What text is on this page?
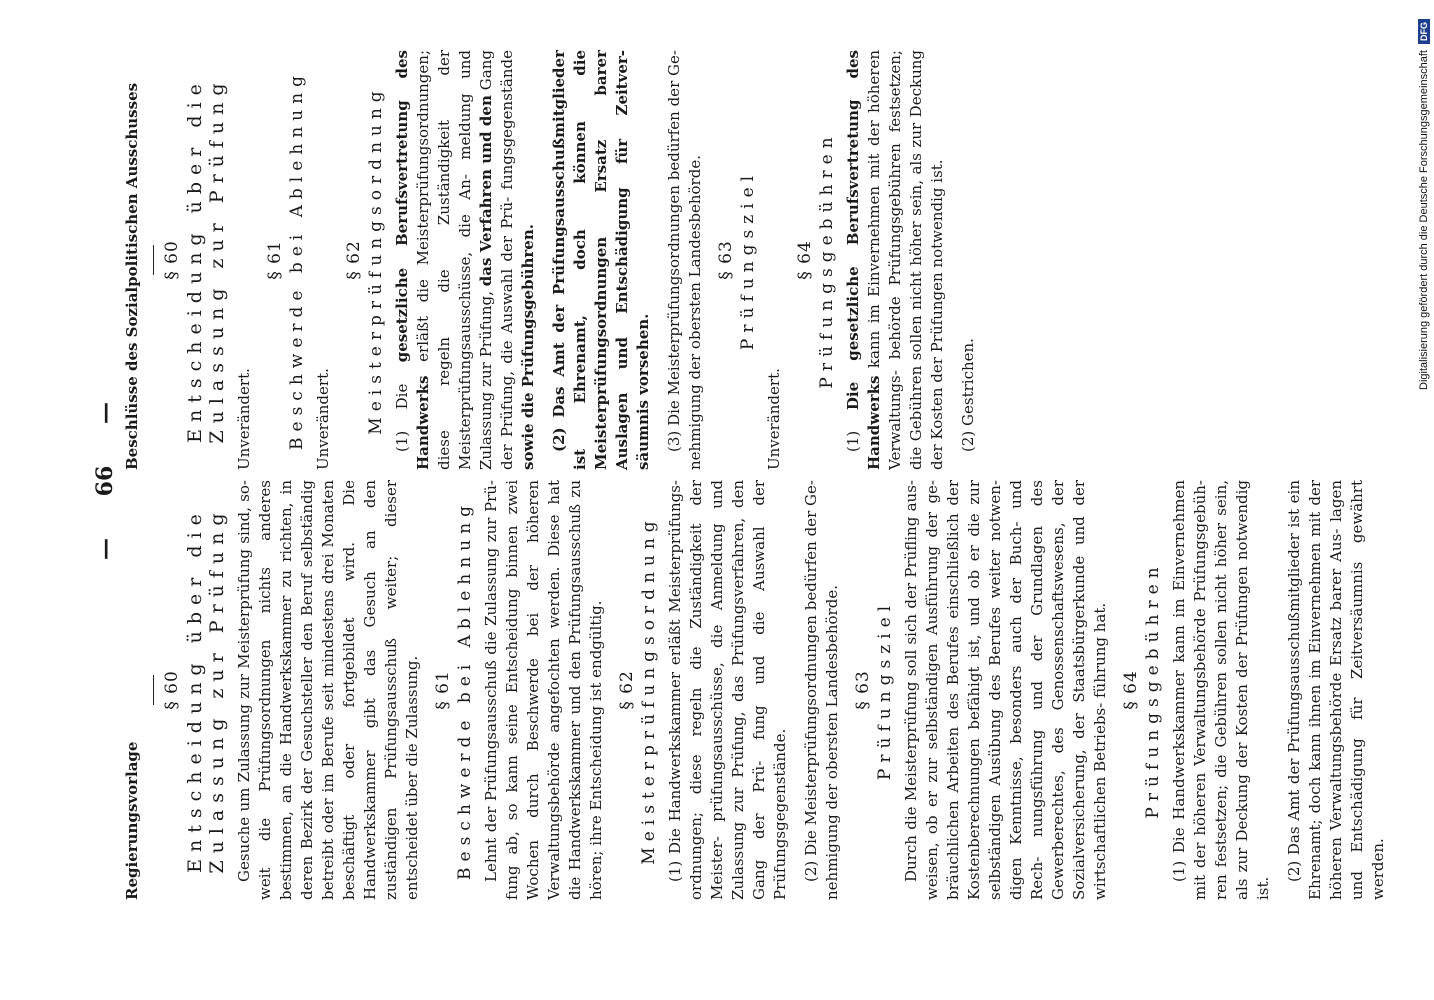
— 66 —

Regierungsvorlage

§ 60 Entscheidung über die Zulassung zur Prüfung Gesuche um Zulassung zur Meisterprüfung sind, so- weit die Prüfungsordnungen nichts anderes bestimmen, an die Handwerkskammer zu richten, in deren Bezirk der Gesuchsteller den Beruf selbständig betreibt oder im Berufe seit mindestens drei Monaten beschäftigt oder fortgebildet wird. Die Handwerkskammer gibt das Gesuch an den zuständigen Prüfungsausschuß weiter; dieser entscheidet über die Zulassung. § 61 Beschwerde bei Ablehnung Lehnt der Prüfungsausschuß die Zulassung zur Prü- fung ab, so kann seine Entscheidung binnen zwei Wochen durch Beschwerde bei der höheren Verwaltungsbehörde angefochten werden. Diese hat die Handwerkskammer und den Prüfungsausschuß zu hören; ihre Entscheidung ist endgültig. § 62 Meisterprüfungsordnung (1) Die Handwerkskammer erläßt Meisterprüfungs- ordnungen; diese regeln die Zuständigkeit der Meister- prüfungsausschüsse, die Anmeldung und Zulassung zur Prüfung, das Prüfungsverfahren, den Gang der Prü- fung und die Auswahl der Prüfungsgegenstände. (2) Die Meisterprüfungsordnungen bedürfen der Ge- nehmigung der obersten Landesbehörde. § 63 Prüfungsziel Durch die Meisterprüfung soll sich der Prüfling aus- weisen, ob er zur selbständigen Ausführung der ge- bräuchlichen Arbeiten des Berufes einschließlich der Kostenberechnungen befähigt ist, und ob er die zur selbständigen Ausübung des Berufes weiter notwen- digen Kenntnisse, besonders auch der Buch- und Rech- nungsführung und der Grundlagen des Gewerberechtes, des Genossenschaftswesens, der Sozialversicherung, der Staatsbürgerkunde und der wirtschaftlichen Betriebs- führung hat. § 64 Prüfungsgebühren (1) Die Handwerkskammer kann im Einvernehmen mit der höheren Verwaltungsbehörde Prüfungsgebüh- ren festsetzen; die Gebühren sollen nicht höher sein, als zur Deckung der Kosten der Prüfungen notwendig ist.

(2) Das Amt der Prüfungsausschußmitglieder ist ein Ehrenamt; doch kann ihnen im Einvernehmen mit der höheren Verwaltungsbehörde Ersatz barer Aus- lagen und Entschädigung für Zeitversäumnis gewährt werden.

Beschlüsse des Sozialpolitischen Ausschusses § 60 Entscheidung über die Zulassung zur Prüfung Unverändert.

§ 61 Beschwerde bei Ablehnung Unverändert.

§ 62 Meisterprüfungsordnung (1) Die gesetzliche Berufsvertretung des Handwerks erläßt die Meisterprüfungsordnungen; diese regeln die Zuständigkeit der Meisterprüfungsausschüsse, die An- meldung und Zulassung zur Prüfung, das Verfahren und den Gang der Prüfung, die Auswahl der Prü- fungsgegenstände sowie die Prüfungsgebühren. (2) Das Amt der Prüfungsausschußmitglieder ist Ehrenamt, doch können die Meisterprüfungsordnungen Ersatz barer Auslagen und Entschädigung für Zeitver- säumnis vorsehen. (3) Die Meisterprüfungsordnungen bedürfen der Ge- nehmigung der obersten Landesbehörde. § 63 Prüfungsziel

Unverändert.

§ 64 Prüfungsgebühren

(1) Die gesetzliche Berufsvertretung des Handwerks kann im Einvernehmen mit der höheren Verwaltungs- behörde Prüfungsgebühren festsetzen; die Gebühren sollen nicht höher sein, als zur Deckung der Kosten der Prüfungen notwendig ist. (2) Gestrichen.

Digitalisierung gefördert durch die Deutsche ForschungsgemeinschaftDFG
